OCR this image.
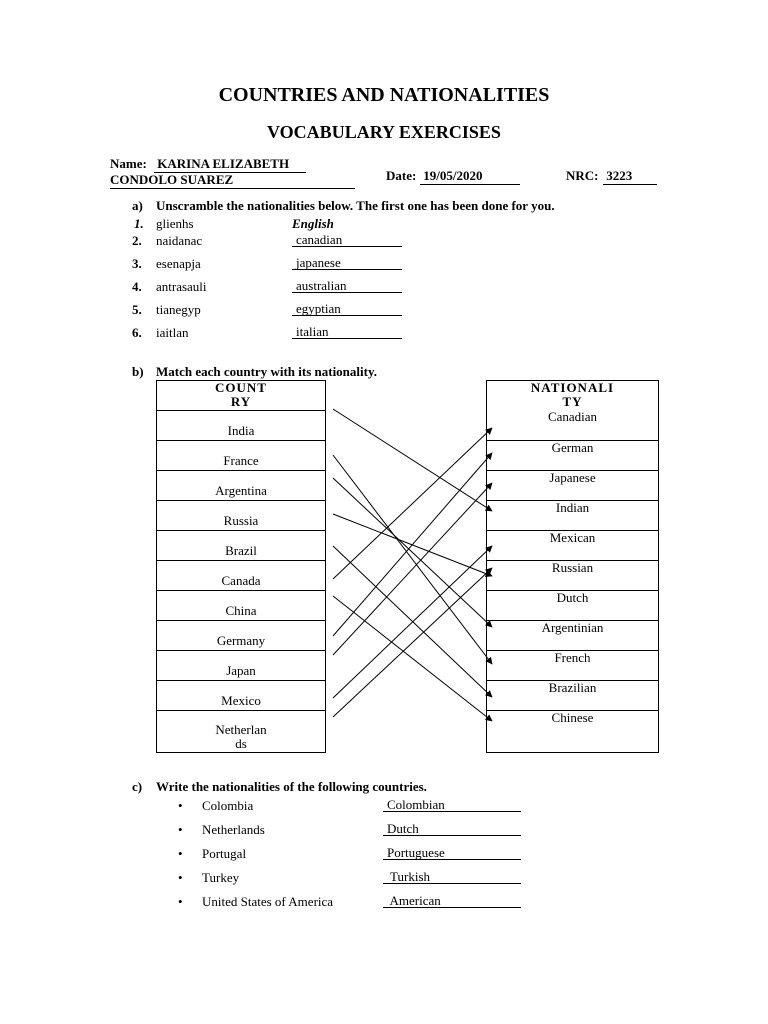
COUNTRIES AND NATIONALITIES
VOCABULARY EXERCISES
Name: KARINA ELIZABETH
CONDOLO SUAREZ	Date: 19/05/2020	NRC: 3223
a) Unscramble the nationalities below. The first one has been done for you.
1. glienhs	English
2. naidanac	canadian
3. esenapja	japanese
4. antrasauli	australian
5. tianegyp	egyptian
6. iaitlan	italian
b) Match each country with its nationality.
COUNT
RY
India
France
Argentina
Russia
Brazil
Canada
China
Germany
Japan
Mexico
Netherlan
ds
NATIONALI
TY
Canadian
German
Japanese
Indian
Mexican
Russian
Dutch
Argentinian
French
Brazilian
Chinese
c) Write the nationalities of the following countries.
• Colombia	Colombian
• Netherlands	Dutch
• Portugal	Portuguese
• Turkey	Turkish
• United States of America	American
